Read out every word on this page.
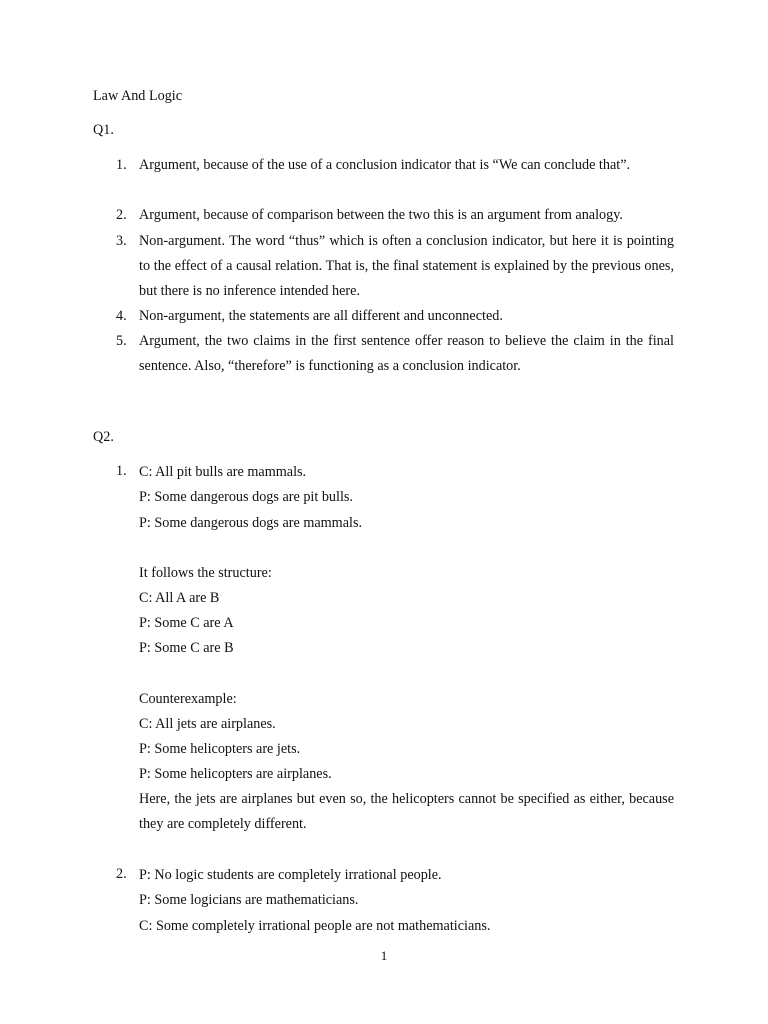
Law And Logic
Q1.
1. Argument, because of the use of a conclusion indicator that is “We can conclude that”.
2. Argument, because of comparison between the two this is an argument from analogy.
3. Non-argument. The word “thus” which is often a conclusion indicator, but here it is pointing to the effect of a causal relation. That is, the final statement is explained by the previous ones, but there is no inference intended here.
4. Non-argument, the statements are all different and unconnected.
5. Argument, the two claims in the first sentence offer reason to believe the claim in the final sentence. Also, “therefore” is functioning as a conclusion indicator.
Q2.
1. C: All pit bulls are mammals.
P: Some dangerous dogs are pit bulls.
P: Some dangerous dogs are mammals.
It follows the structure:
C: All A are B
P: Some C are A
P: Some C are B
Counterexample:
C: All jets are airplanes.
P: Some helicopters are jets.
P: Some helicopters are airplanes.
Here, the jets are airplanes but even so, the helicopters cannot be specified as either, because they are completely different.
2. P: No logic students are completely irrational people.
P: Some logicians are mathematicians.
C: Some completely irrational people are not mathematicians.
1
